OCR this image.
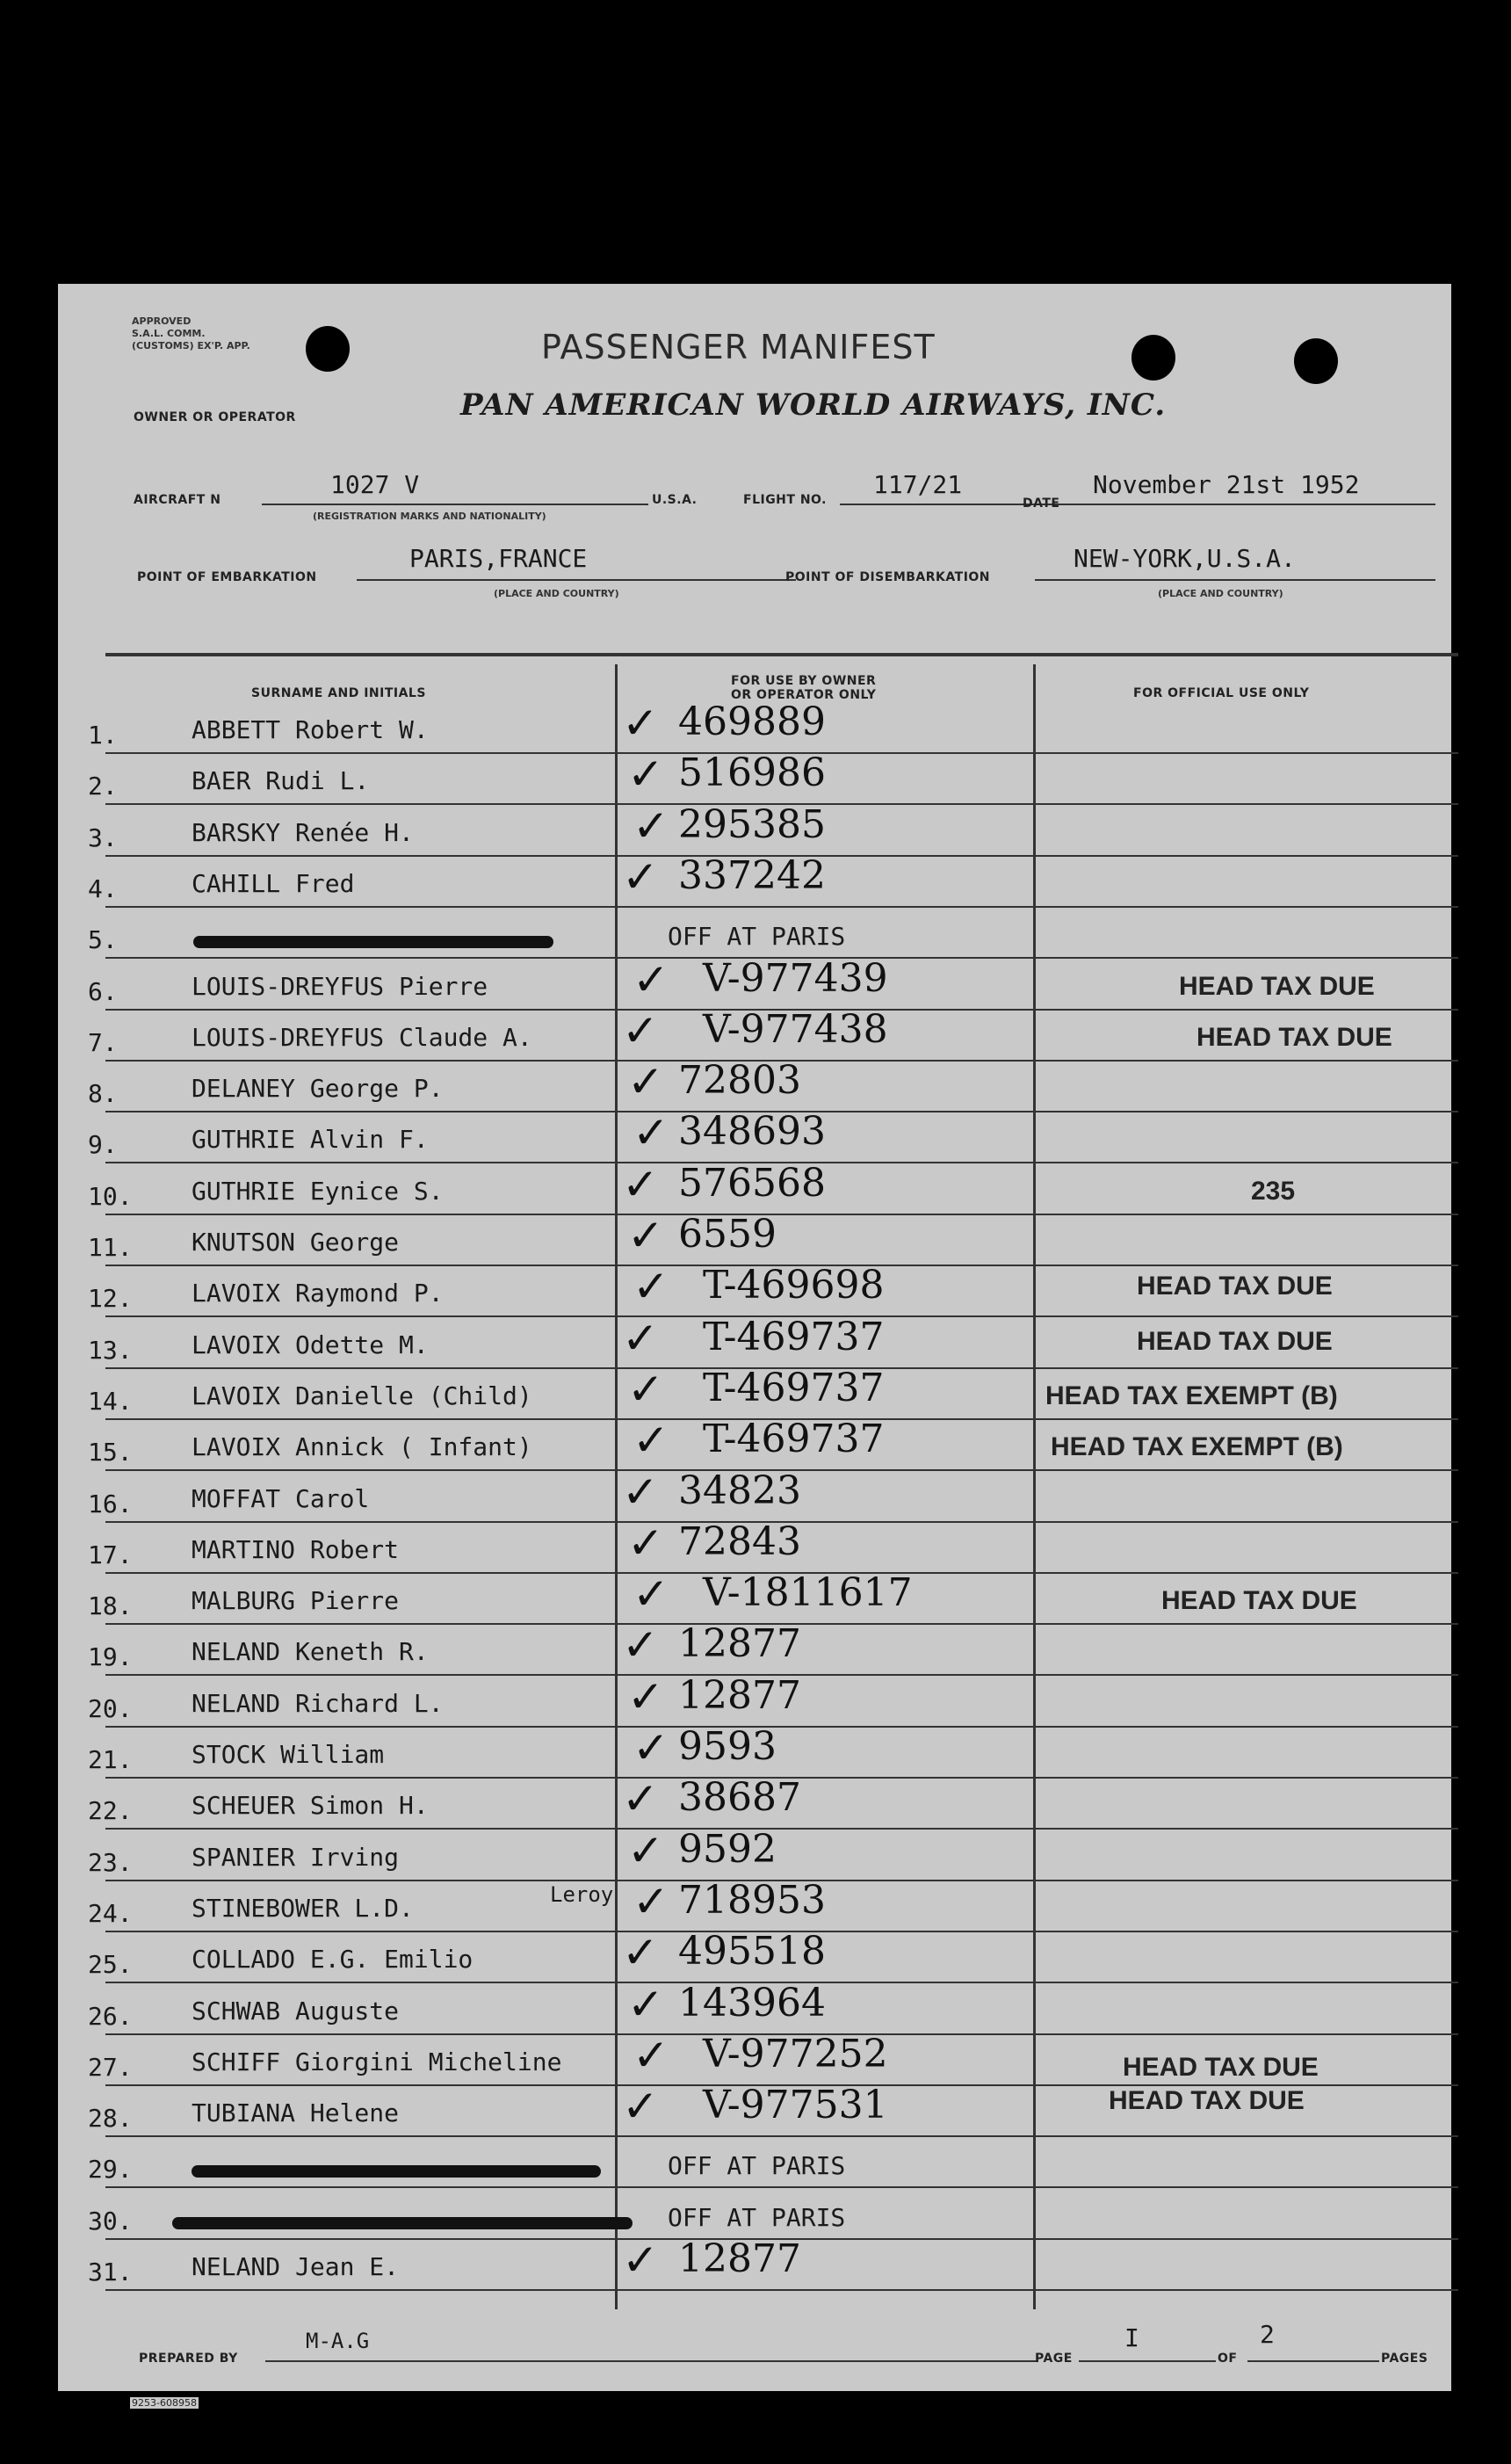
APPROVED
S.A.L. COMM.
(CUSTOMS) EX'P. APP.	PASSENGER MANIFEST
OWNER OR OPERATOR	PAN AMERICAN WORLD AIRWAYS, INC.
AIRCRAFT N
1027 V
(REGISTRATION MARKS AND NATIONALITY)
U.S.A.	FLIGHT NO.
117/21
DATE
November 21st 1952
POINT OF EMBARKATION
PARIS,FRANCE
(PLACE AND COUNTRY)
POINT OF DISEMBARKATION
NEW-YORK,U.S.A.
(PLACE AND COUNTRY)
SURNAME AND INITIALS
FOR USE BY OWNER
OR OPERATOR ONLY	FOR OFFICIAL USE ONLY
1.	ABBETT Robert W.	✓ 469889
2.	BAER Rudi L.	✓ 516986
3.	BARSKY Renée H.	✓ 295385
4.	CAHILL Fred	✓ 337242
5.	OFF AT PARIS
6.	LOUIS-DREYFUS Pierre	✓ V-977439	HEAD TAX DUE
7.	LOUIS-DREYFUS Claude A. ✓ V-977438	HEAD TAX DUE
8.	DELANEY George P.	✓ 72803
9.	GUTHRIE Alvin F.	✓ 348693
10.	GUTHRIE Eynice S.	✓ 576568	235
11.	KNUTSON George	✓ 6559
12.	LAVOIX Raymond P.	✓ T-469698	HEAD TAX DUE
13.	LAVOIX Odette M.	✓ T-469737	HEAD TAX DUE
14.	LAVOIX Danielle (Child) ✓ T-469737	HEAD TAX EXEMPT (B)
15.	LAVOIX Annick ( Infant) ✓ T-469737	HEAD TAX EXEMPT (B)
16.	MOFFAT Carol	✓ 34823
17.	MARTINO Robert	✓ 72843
18.	MALBURG Pierre	✓ V-1811617	HEAD TAX DUE
19.	NELAND Keneth R.	✓ 12877
20.	NELAND Richard L.	✓ 12877
21.	STOCK William	✓ 9593
22.	SCHEUER Simon H.	✓ 38687
23.	SPANIER Irving	✓ 9592
24.	STINEBOWER L.D.	✓ 718953
25.	COLLADO E.G. Emilio	✓ 495518
26.	SCHWAB Auguste	✓ 143964
27.	SCHIFF Giorgini Micheline ✓ V-977252	HEAD TAX DUE
28.	TUBIANA Helene	✓ V-977531	HEAD TAX DUE
29.	OFF AT PARIS
30.	OFF AT PARIS
31.	NELAND Jean E.	✓ 12877
PREPARED BY
M-A.G
PAGE
I
OF
2
PAGES
9253-608958
Leroy
